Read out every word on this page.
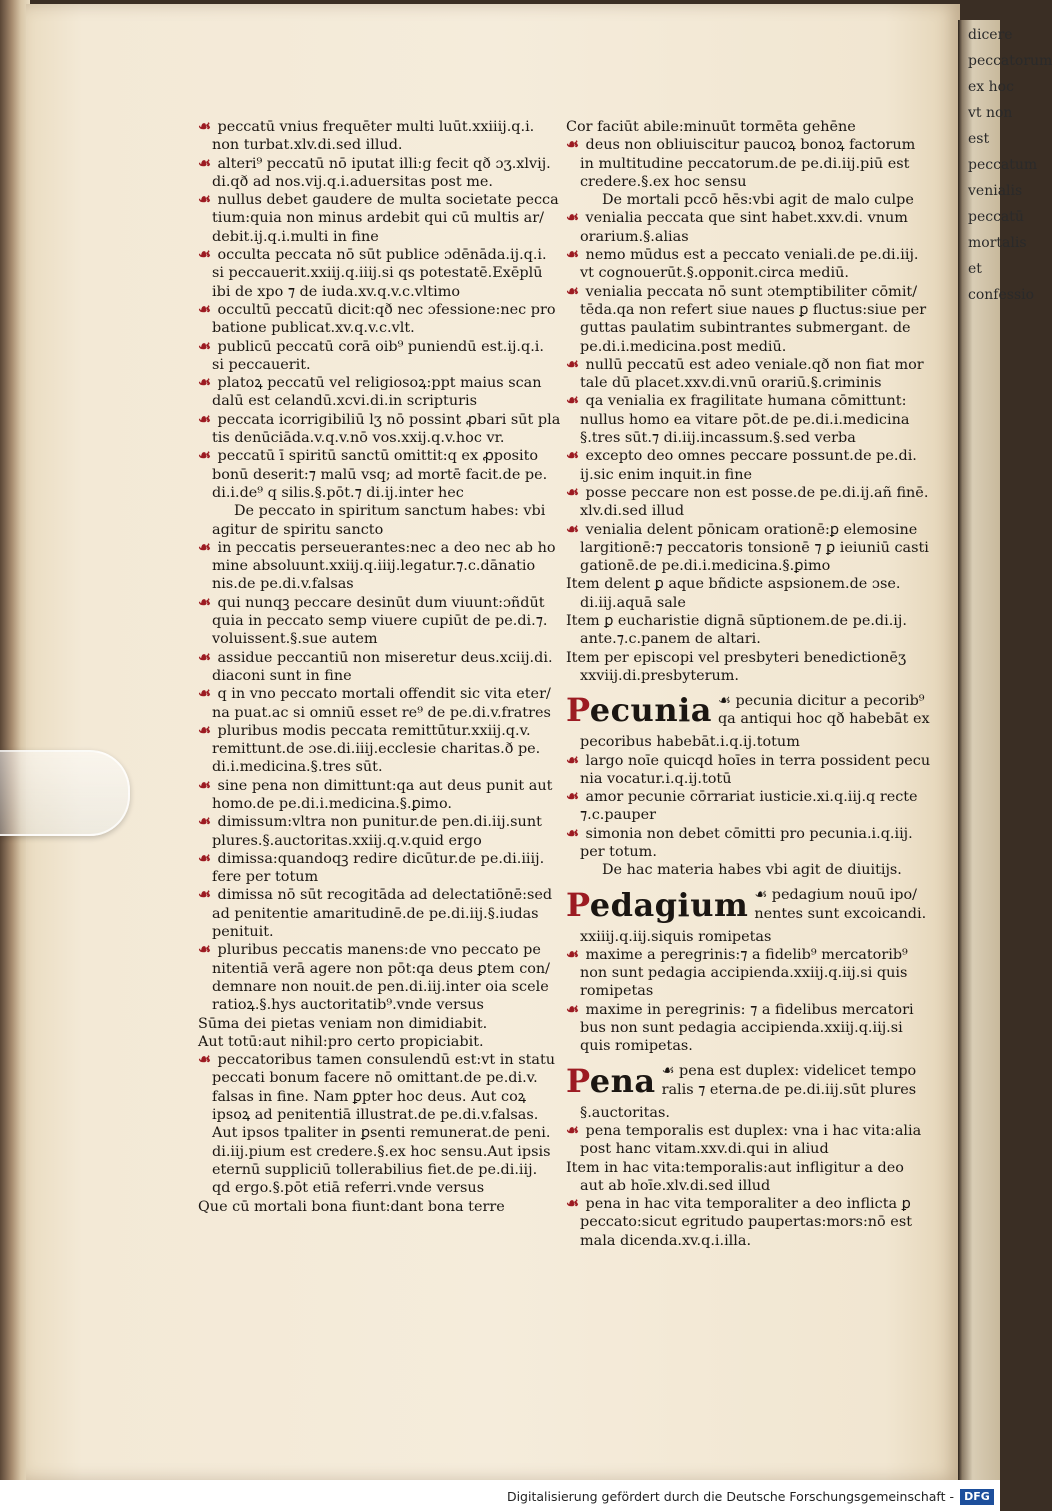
dicere
peccatorum
ex hoc
vt non
est
peccatum
venialis
peccatū
mortalis
et
confessio
☙ peccatū vnius frequēter multi luūt.xxiiij.q.i.
non turbat.xlv.di.sed illud.
☙ alteri⁹ peccatū nō iputat illi:g fecit qð ɔʒ.xlvij.
di.qð ad nos.vij.q.i.aduersitas post me.
☙ nullus debet gaudere de multa societate pecca
tium:quia non minus ardebit qui cū multis ar/
debit.ij.q.i.multi in fine
☙ occulta peccata nō sūt publice ɔdēnāda.ij.q.i.
si peccauerit.xxiij.q.iiij.si qs potestatē.Exēplū
ibi de xpo ⁊ de iuda.xv.q.v.c.vltimo
☙ occultū peccatū dicit:qð nec ɔfessione:nec pro
batione publicat.xv.q.v.c.vlt.
☙ publicū peccatū corā oib⁹ puniendū est.ij.q.i.
si peccauerit.
☙ platoꝝ peccatū vel religiosoꝝ:ppt maius scan
dalū est celandū.xcvi.di.in scripturis
☙ peccata icorrigibiliū lʒ nō possint ꝓbari sūt pla
tis denūciāda.v.q.v.nō vos.xxij.q.v.hoc vr.
☙ peccatū ī spiritū sanctū omittit:q ex ꝓposito
bonū deserit:⁊ malū vsq; ad mortē facit.de pe.
di.i.de⁹ q silis.§.pōt.⁊ di.ij.inter hec
De peccato in spiritum sanctum habes: vbi
agitur de spiritu sancto
☙ in peccatis perseuerantes:nec a deo nec ab ho
mine absoluunt.xxiij.q.iiij.legatur.⁊.c.dānatio
nis.de pe.di.v.falsas
☙ qui nunqꝫ peccare desinūt dum viuunt:ɔñdūt
quia in peccato semp viuere cupiūt de pe.di.⁊.
voluissent.§.sue autem
☙ assidue peccantiū non miseretur deus.xciij.di.
diaconi sunt in fine
☙ q in vno peccato mortali offendit sic vita eter/
na puat.ac si omniū esset re⁹ de pe.di.v.fratres
☙ pluribus modis peccata remittūtur.xxiij.q.v.
remittunt.de ɔse.di.iiij.ecclesie charitas.ð pe.
di.i.medicina.§.tres sūt.
☙ sine pena non dimittunt:qa aut deus punit aut
homo.de pe.di.i.medicina.§.ꝑimo.
☙ dimissum:vltra non punitur.de pen.di.iij.sunt
plures.§.auctoritas.xxiij.q.v.quid ergo
☙ dimissa:quandoqꝫ redire dicūtur.de pe.di.iiij.
fere per totum
☙ dimissa nō sūt recogitāda ad delectatiōnē:sed
ad penitentie amaritudinē.de pe.di.iij.§.iudas
penituit.
☙ pluribus peccatis manens:de vno peccato pe
nitentiā verā agere non pōt:qa deus ꝑtem con/
demnare non nouit.de pen.di.iij.inter oia scele
ratioꝝ.§.hys auctoritatib⁹.vnde versus
Sūma dei pietas veniam non dimidiabit.
Aut totū:aut nihil:pro certo propiciabit.
☙ peccatoribus tamen consulendū est:vt in statu
peccati bonum facere nō omittant.de pe.di.v.
falsas in fine. Nam ꝑpter hoc deus. Aut coꝝ
ipsoꝝ ad penitentiā illustrat.de pe.di.v.falsas.
Aut ipsos tpaliter in ꝑsenti remunerat.de peni.
di.iij.pium est credere.§.ex hoc sensu.Aut ipsis
eternū suppliciū tollerabilius fiet.de pe.di.iij.
qd ergo.§.pōt etiā referri.vnde versus
Que cū mortali bona fiunt:dant bona terre
Cor faciūt abile:minuūt tormēta gehēne
☙ deus non obliuiscitur paucoꝝ bonoꝝ factorum
in multitudine peccatorum.de pe.di.iij.piū est
credere.§.ex hoc sensu
De mortali pccō hēs:vbi agit de malo culpe
☙ venialia peccata que sint habet.xxv.di. vnum
orarium.§.alias
☙ nemo mūdus est a peccato veniali.de pe.di.iij.
vt cognouerūt.§.opponit.circa mediū.
☙ venialia peccata nō sunt ɔtemptibiliter cōmit/
tēda.qa non refert siue naues ꝑ fluctus:siue per
guttas paulatim subintrantes submergant. de
pe.di.i.medicina.post mediū.
☙ nullū peccatū est adeo veniale.qð non fiat mor
tale dū placet.xxv.di.vnū orariū.§.criminis
☙ qa venialia ex fragilitate humana cōmittunt:
nullus homo ea vitare pōt.de pe.di.i.medicina
§.tres sūt.⁊ di.iij.incassum.§.sed verba
☙ excepto deo omnes peccare possunt.de pe.di.
ij.sic enim inquit.in fine
☙ posse peccare non est posse.de pe.di.ij.añ finē.
xlv.di.sed illud
☙ venialia delent pōnicam orationē:ꝑ elemosine
largitionē:⁊ peccatoris tonsionē ⁊ ꝑ ieiuniū casti
gationē.de pe.di.i.medicina.§.ꝑimo
Item delent ꝑ aque bñdicte aspsionem.de ɔse.
di.iij.aquā sale
Item ꝑ eucharistie dignā sūptionem.de pe.di.ij.
ante.⁊.c.panem de altari.
Item per episcopi vel presbyteri benedictionēʒ
xxviij.di.presbyterum.
Pecunia ☙ pecunia dicitur a pecorib⁹
qa antiqui hoc qð habebāt ex
pecoribus habebāt.i.q.ij.totum
☙ largo noīe quicqd hoīes in terra possident pecu
nia vocatur.i.q.ij.totū
☙ amor pecunie cōrrariat iusticie.xi.q.iij.q recte
⁊.c.pauper
☙ simonia non debet cōmitti pro pecunia.i.q.iij.
per totum.
De hac materia habes vbi agit de diuitijs.
Pedagium ☙ pedagium nouū ipo/
nentes sunt excoicandi.
xxiiij.q.iij.siquis romipetas
☙ maxime a peregrinis:⁊ a fidelib⁹ mercatorib⁹
non sunt pedagia accipienda.xxiij.q.iij.si quis
romipetas
☙ maxime in peregrinis: ⁊ a fidelibus mercatori
bus non sunt pedagia accipienda.xxiij.q.iij.si
quis romipetas.
Pena ☙ pena est duplex: videlicet tempo
ralis ⁊ eterna.de pe.di.iij.sūt plures
§.auctoritas.
☙ pena temporalis est duplex: vna i hac vita:alia
post hanc vitam.xxv.di.qui in aliud
Item in hac vita:temporalis:aut infligitur a deo
aut ab hoīe.xlv.di.sed illud
☙ pena in hac vita temporaliter a deo inflicta ꝑ
peccato:sicut egritudo paupertas:mors:nō est
mala dicenda.xv.q.i.illa.
Digitalisierung gefördert durch die Deutsche Forschungsgemeinschaft - DFG
